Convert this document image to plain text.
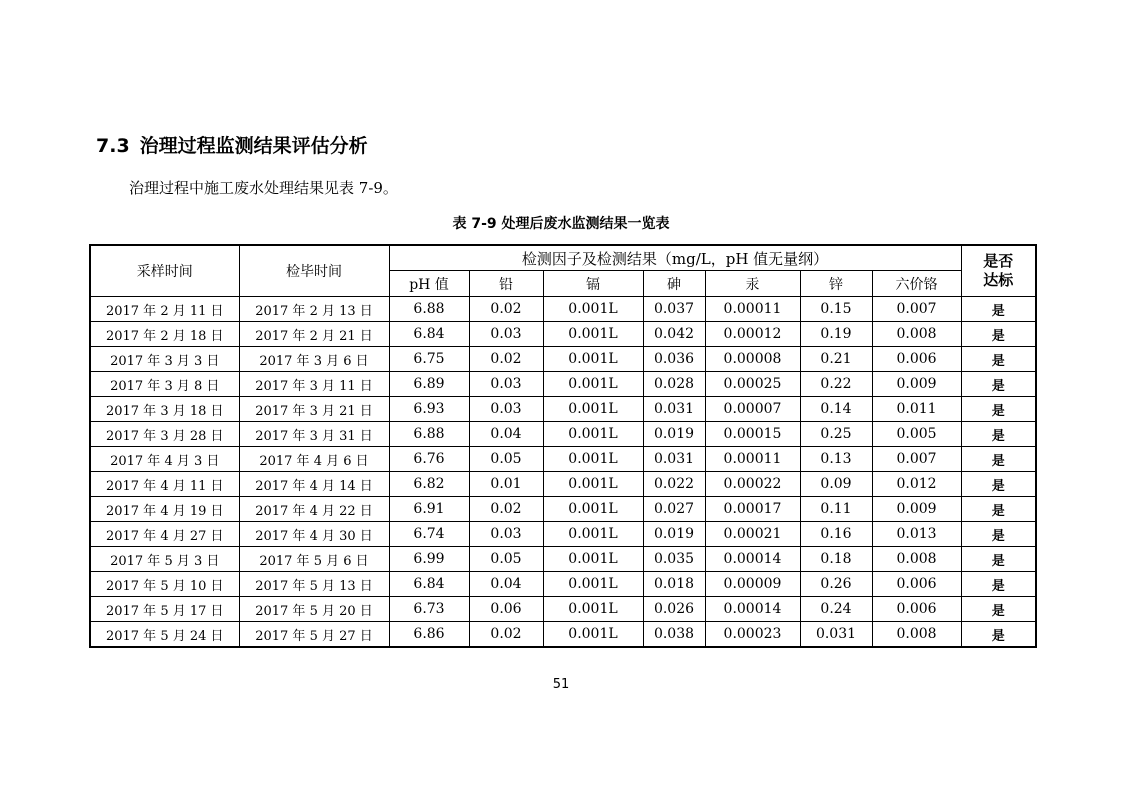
7.3 治理过程监测结果评估分析
治理过程中施工废水处理结果见表 7-9。
表 7-9 处理后废水监测结果一览表
采样时间	检毕时间	检测因子及检测结果（mg/L，pH 值无量纲）							是否
达标

		pH 值	铅	镉	砷	汞	锌	六价铬	
2017 年 2 月 11 日	2017 年 2 月 13 日	6.88	0.02	0.001L	0.037	0.00011	0.15	0.007	是
2017 年 2 月 18 日	2017 年 2 月 21 日	6.84	0.03	0.001L	0.042	0.00012	0.19	0.008	是
2017 年 3 月 3 日	2017 年 3 月 6 日	6.75	0.02	0.001L	0.036	0.00008	0.21	0.006	是
2017 年 3 月 8 日	2017 年 3 月 11 日	6.89	0.03	0.001L	0.028	0.00025	0.22	0.009	是
2017 年 3 月 18 日	2017 年 3 月 21 日	6.93	0.03	0.001L	0.031	0.00007	0.14	0.011	是
2017 年 3 月 28 日	2017 年 3 月 31 日	6.88	0.04	0.001L	0.019	0.00015	0.25	0.005	是
2017 年 4 月 3 日	2017 年 4 月 6 日	6.76	0.05	0.001L	0.031	0.00011	0.13	0.007	是
2017 年 4 月 11 日	2017 年 4 月 14 日	6.82	0.01	0.001L	0.022	0.00022	0.09	0.012	是
2017 年 4 月 19 日	2017 年 4 月 22 日	6.91	0.02	0.001L	0.027	0.00017	0.11	0.009	是
2017 年 4 月 27 日	2017 年 4 月 30 日	6.74	0.03	0.001L	0.019	0.00021	0.16	0.013	是
2017 年 5 月 3 日	2017 年 5 月 6 日	6.99	0.05	0.001L	0.035	0.00014	0.18	0.008	是
2017 年 5 月 10 日	2017 年 5 月 13 日	6.84	0.04	0.001L	0.018	0.00009	0.26	0.006	是
2017 年 5 月 17 日	2017 年 5 月 20 日	6.73	0.06	0.001L	0.026	0.00014	0.24	0.006	是
2017 年 5 月 24 日	2017 年 5 月 27 日	6.86	0.02	0.001L	0.038	0.00023	0.031	0.008	是
51
